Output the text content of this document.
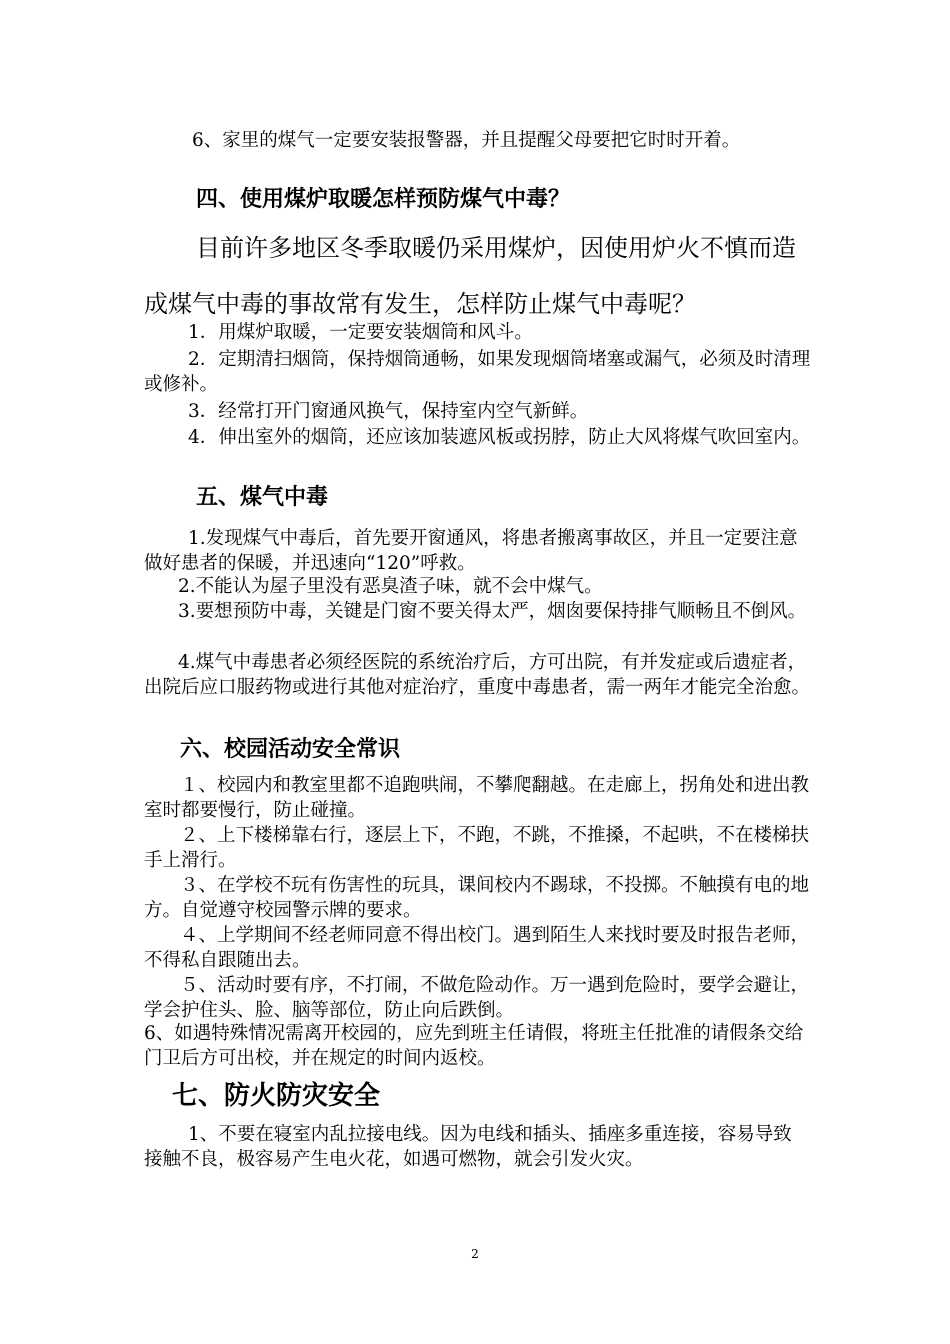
6、家里的煤气一定要安装报警器，并且提醒父母要把它时时开着。

四、使用煤炉取暖怎样预防煤气中毒？

目前许多地区冬季取暖仍采用煤炉，因使用炉火不慎而造成煤气中毒的事故常有发生，怎样防止煤气中毒呢？

1．用煤炉取暖，一定要安装烟筒和风斗。

2．定期清扫烟筒，保持烟筒通畅，如果发现烟筒堵塞或漏气，必须及时清理或修补。

3．经常打开门窗通风换气，保持室内空气新鲜。

4．伸出室外的烟筒，还应该加装遮风板或拐脖，防止大风将煤气吹回室内。

五、煤气中毒

1.发现煤气中毒后，首先要开窗通风，将患者搬离事故区，并且一定要注意做好患者的保暖，并迅速向“120”呼救。

2.不能认为屋子里没有恶臭渣子味，就不会中煤气。

3.要想预防中毒，关键是门窗不要关得太严，烟囱要保持排气顺畅且不倒风。

4.煤气中毒患者必须经医院的系统治疗后，方可出院，有并发症或后遗症者，出院后应口服药物或进行其他对症治疗，重度中毒患者，需一两年才能完全治愈。

六、校园活动安全常识

１、校园内和教室里都不追跑哄闹，不攀爬翻越。在走廊上，拐角处和进出教室时都要慢行，防止碰撞。

２、上下楼梯靠右行，逐层上下，不跑，不跳，不推搡，不起哄，不在楼梯扶手上滑行。

３、在学校不玩有伤害性的玩具，课间校内不踢球，不投掷。不触摸有电的地方。自觉遵守校园警示牌的要求。

４、上学期间不经老师同意不得出校门。遇到陌生人来找时要及时报告老师，不得私自跟随出去。

５、活动时要有序，不打闹，不做危险动作。万一遇到危险时，要学会避让，学会护住头、脸、脑等部位，防止向后跌倒。

6、如遇特殊情况需离开校园的，应先到班主任请假，将班主任批准的请假条交给门卫后方可出校，并在规定的时间内返校。

七、防火防灾安全

1、不要在寝室内乱拉接电线。因为电线和插头、插座多重连接，容易导致 接触不良，极容易产生电火花，如遇可燃物，就会引发火灾。

2
